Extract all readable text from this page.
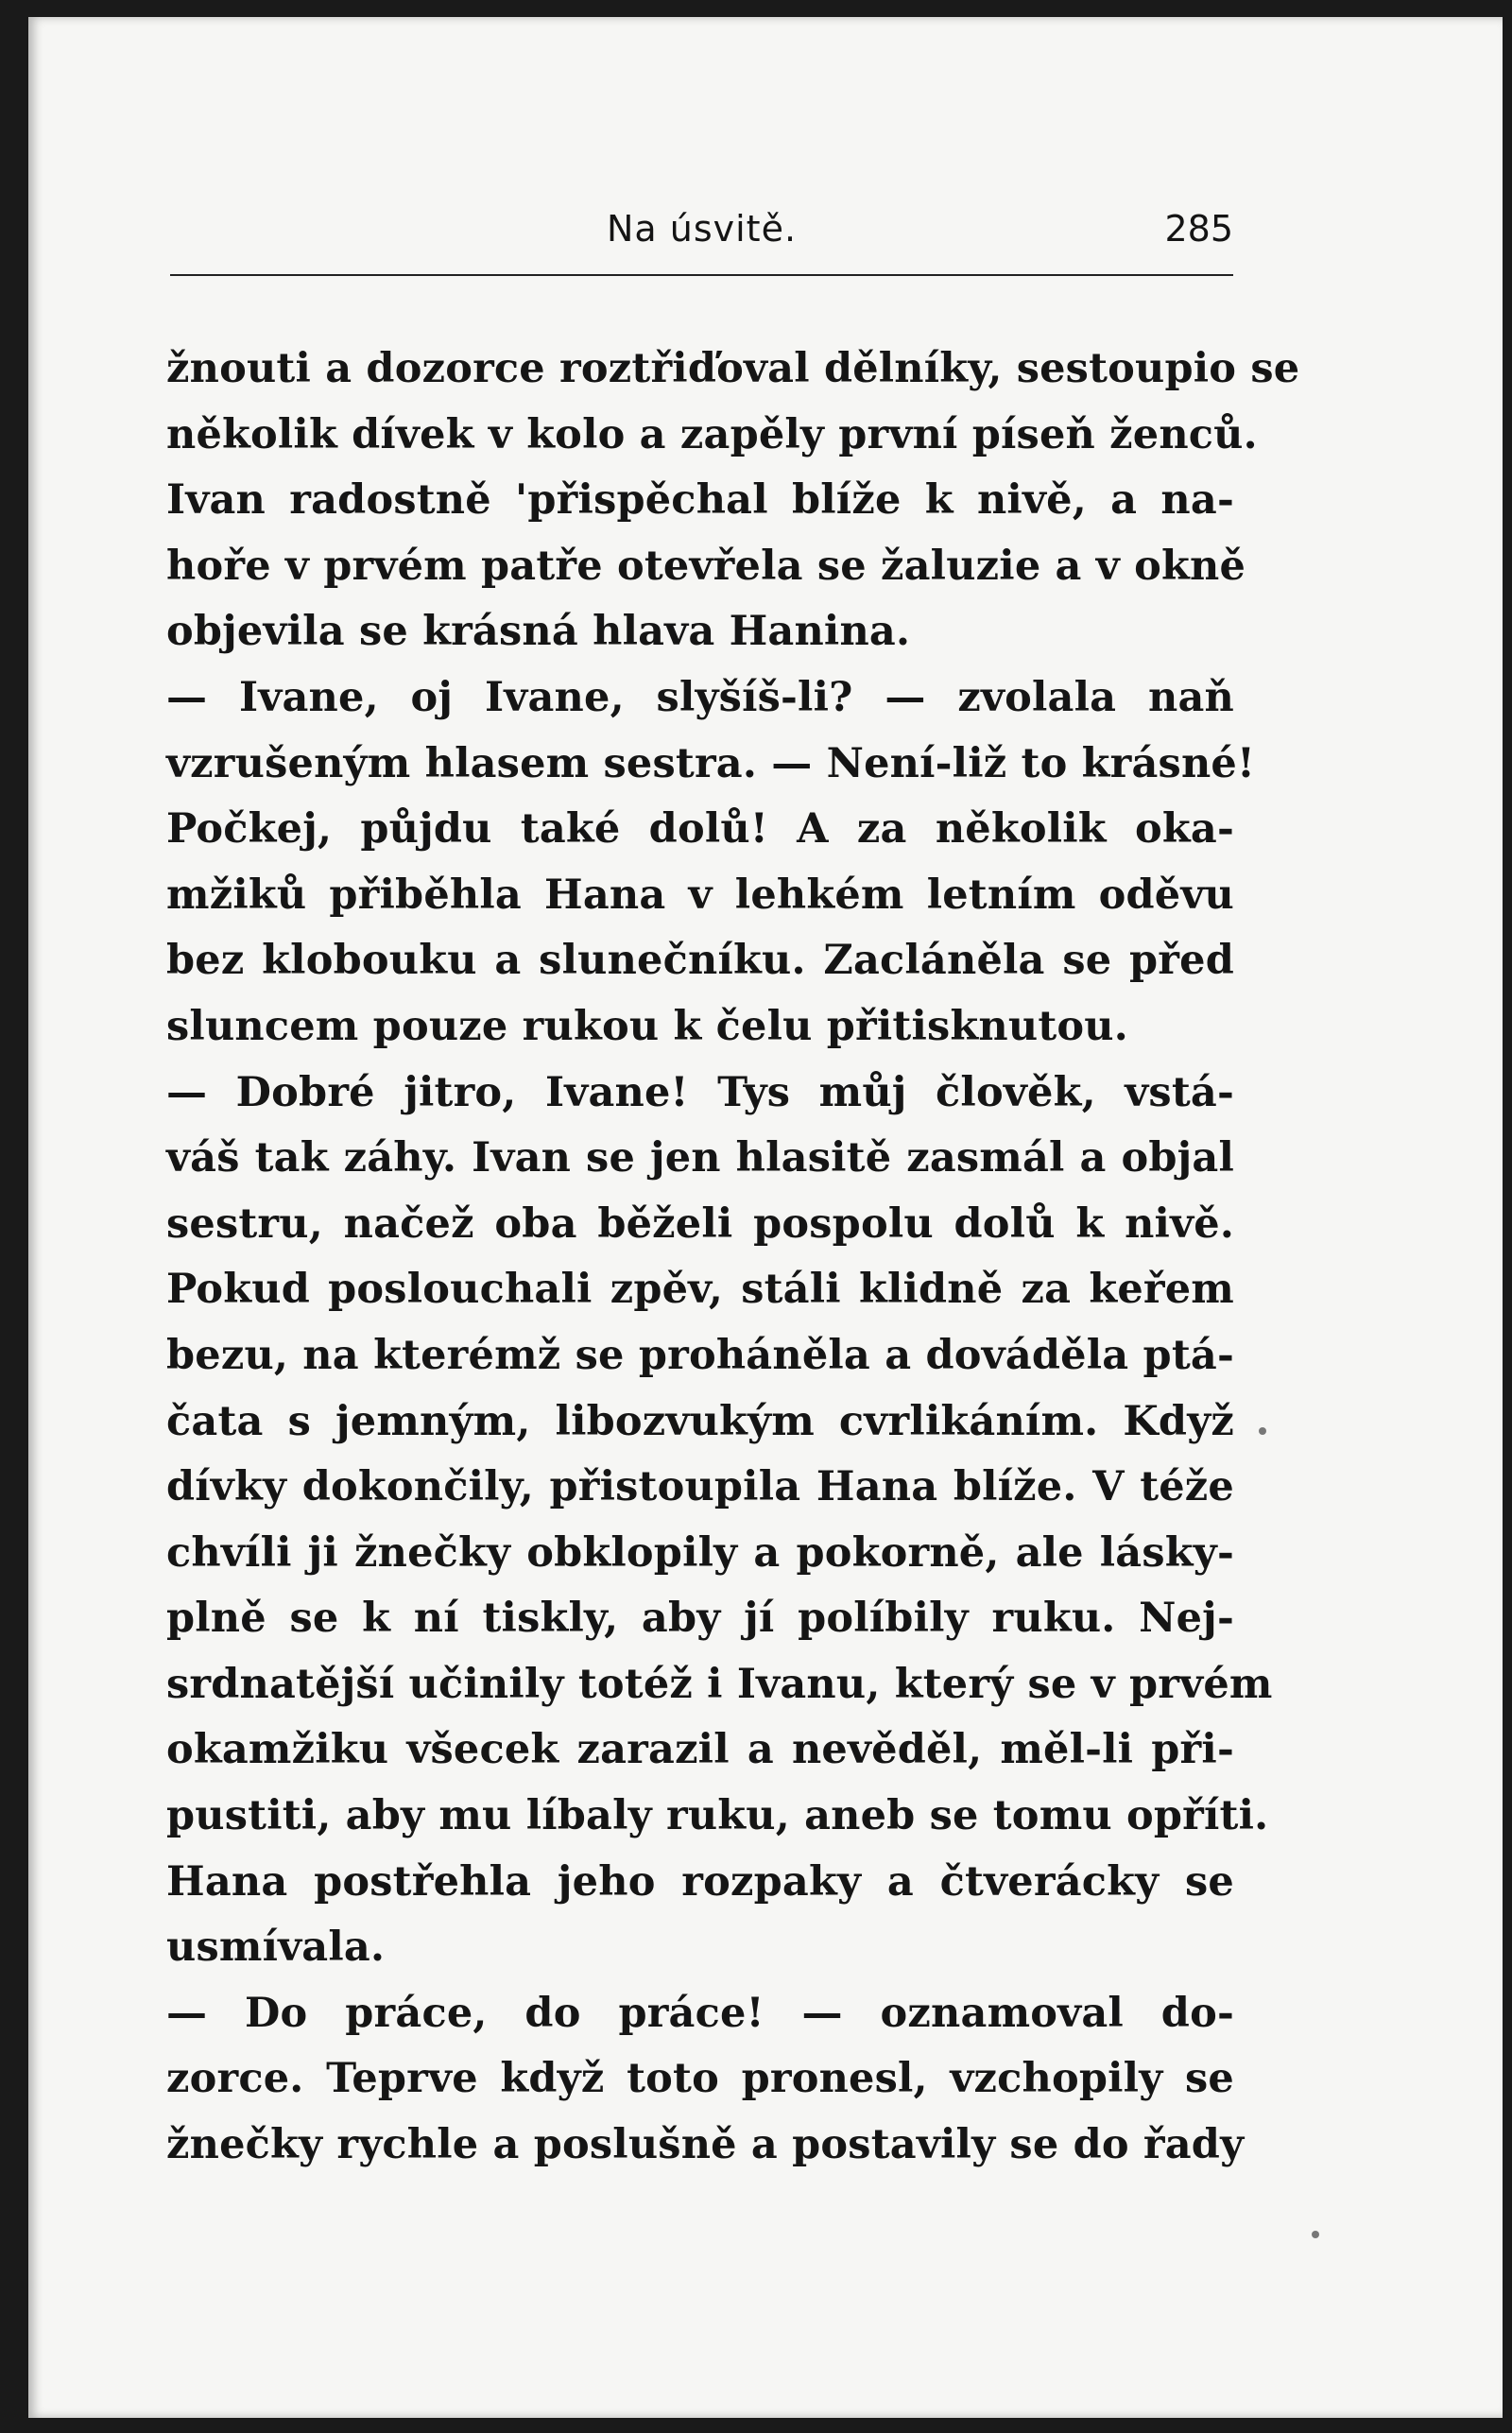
Na úsvitě.	285
žnouti a dozorce roztřiďoval dělníky, sestoupio se
několik dívek v kolo a zapěly první píseň ženců.
Ivan radostně 'přispěchal blíže k nivě, a na-
hoře v prvém patře otevřela se žaluzie a v okně
objevila se krásná hlava Hanina.
— Ivane, oj Ivane, slyšíš-li? — zvolala naň
vzrušeným hlasem sestra. — Není-liž to krásné!
Počkej, půjdu také dolů! A za několik oka-
mžiků přiběhla Hana v lehkém letním oděvu
bez klobouku a slunečníku. Zacláněla se před
sluncem pouze rukou k čelu přitisknutou.
— Dobré jitro, Ivane! Tys můj člověk, vstá-
váš tak záhy. Ivan se jen hlasitě zasmál a objal
sestru, načež oba běželi pospolu dolů k nivě.
Pokud poslouchali zpěv, stáli klidně za keřem
bezu, na kterémž se proháněla a dováděla ptá-
čata s jemným, libozvukým cvrlikáním. Když
dívky dokončily, přistoupila Hana blíže. V téže
chvíli ji žnečky obklopily a pokorně, ale lásky-
plně se k ní tiskly, aby jí políbily ruku. Nej-
srdnatější učinily totéž i Ivanu, který se v prvém
okamžiku všecek zarazil a nevěděl, měl-li při-
pustiti, aby mu líbaly ruku, aneb se tomu opříti.
Hana postřehla jeho rozpaky a čtverácky se
usmívala.
— Do práce, do práce! — oznamoval do-
zorce. Teprve když toto pronesl, vzchopily se
žnečky rychle a poslušně a postavily se do řady
